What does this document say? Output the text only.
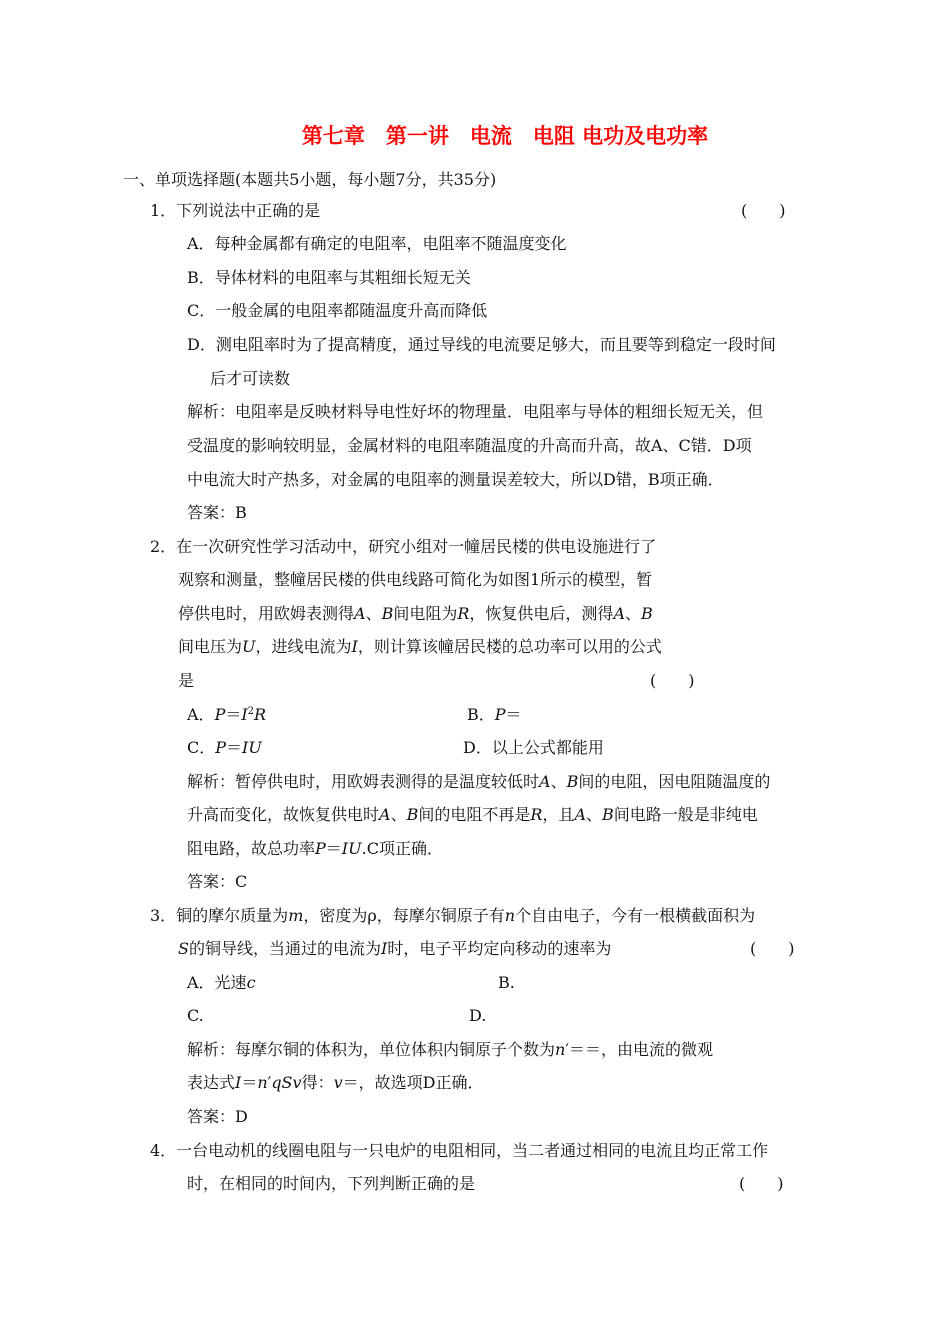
第七章　第一讲　电流　电阻 电功及电功率
一、单项选择题(本题共5小题，每小题7分，共35分)
1．下列说法中正确的是	(　　)
A．每种金属都有确定的电阻率，电阻率不随温度变化
B．导体材料的电阻率与其粗细长短无关
C．一般金属的电阻率都随温度升高而降低
D．测电阻率时为了提高精度，通过导线的电流要足够大，而且要等到稳定一段时间
后才可读数
解析：电阻率是反映材料导电性好坏的物理量．电阻率与导体的粗细长短无关，但
受温度的影响较明显，金属材料的电阻率随温度的升高而升高，故A、C错．D项
中电流大时产热多，对金属的电阻率的测量误差较大，所以D错，B项正确．
答案：B
2．在一次研究性学习活动中，研究小组对一幢居民楼的供电设施进行了
观察和测量，整幢居民楼的供电线路可简化为如图1所示的模型，暂
停供电时，用欧姆表测得A、B间电阻为R，恢复供电后，测得A、B
间电压为U，进线电流为I，则计算该幢居民楼的总功率可以用的公式
是	(　　)
A．$P=I^2R$	B．P＝
C．P＝IU	D．以上公式都能用
解析：暂停供电时，用欧姆表测得的是温度较低时A、B间的电阻，因电阻随温度的
升高而变化，故恢复供电时A、B间的电阻不再是R，且A、B间电路一般是非纯电
阻电路，故总功率P＝IU.C项正确．
答案：C
3．铜的摩尔质量为m，密度为ρ，每摩尔铜原子有n个自由电子，今有一根横截面积为
S的铜导线，当通过的电流为I时，电子平均定向移动的速率为	(　　)
A．光速c	B.
C.	D.
解析：每摩尔铜的体积为，单位体积内铜原子个数为n′＝＝，由电流的微观
表达式I＝n′qSv得：v＝，故选项D正确．
答案：D
4．一台电动机的线圈电阻与一只电炉的电阻相同，当二者通过相同的电流且均正常工作
时，在相同的时间内，下列判断正确的是	(　　)
